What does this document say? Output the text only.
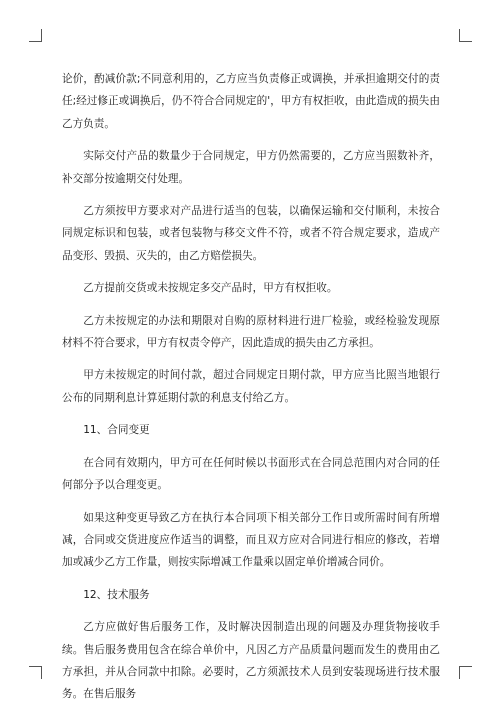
论价，酌减价款;不同意利用的，乙方应当负责修正或调换，并承担逾期交付的责任;经过修正或调换后，仍不符合合同规定的'，甲方有权拒收，由此造成的损失由乙方负责。

实际交付产品的数量少于合同规定，甲方仍然需要的，乙方应当照数补齐，补交部分按逾期交付处理。

乙方须按甲方要求对产品进行适当的包装，以确保运输和交付顺利，未按合同规定标识和包装，或者包装物与移交文件不符，或者不符合规定要求，造成产品变形、毁损、灭失的，由乙方赔偿损失。

乙方提前交货或未按规定多交产品时，甲方有权拒收。

乙方未按规定的办法和期限对自购的原材料进行进厂检验，或经检验发现原材料不符合要求，甲方有权责令停产，因此造成的损失由乙方承担。

甲方未按规定的时间付款，超过合同规定日期付款，甲方应当比照当地银行公布的同期利息计算延期付款的利息支付给乙方。

11、合同变更

在合同有效期内，甲方可在任何时候以书面形式在合同总范围内对合同的任何部分予以合理变更。

如果这种变更导致乙方在执行本合同项下相关部分工作日或所需时间有所增减，合同或交货进度应作适当的调整，而且双方应对合同进行相应的修改，若增加或减少乙方工作量，则按实际增减工作量乘以固定单价增减合同价。

12、技术服务

乙方应做好售后服务工作，及时解决因制造出现的问题及办理货物接收手续。售后服务费用包含在综合单价中，凡因乙方产品质量问题而发生的费用由乙方承担，并从合同款中扣除。必要时，乙方须派技术人员到安装现场进行技术服务。在售后服务
